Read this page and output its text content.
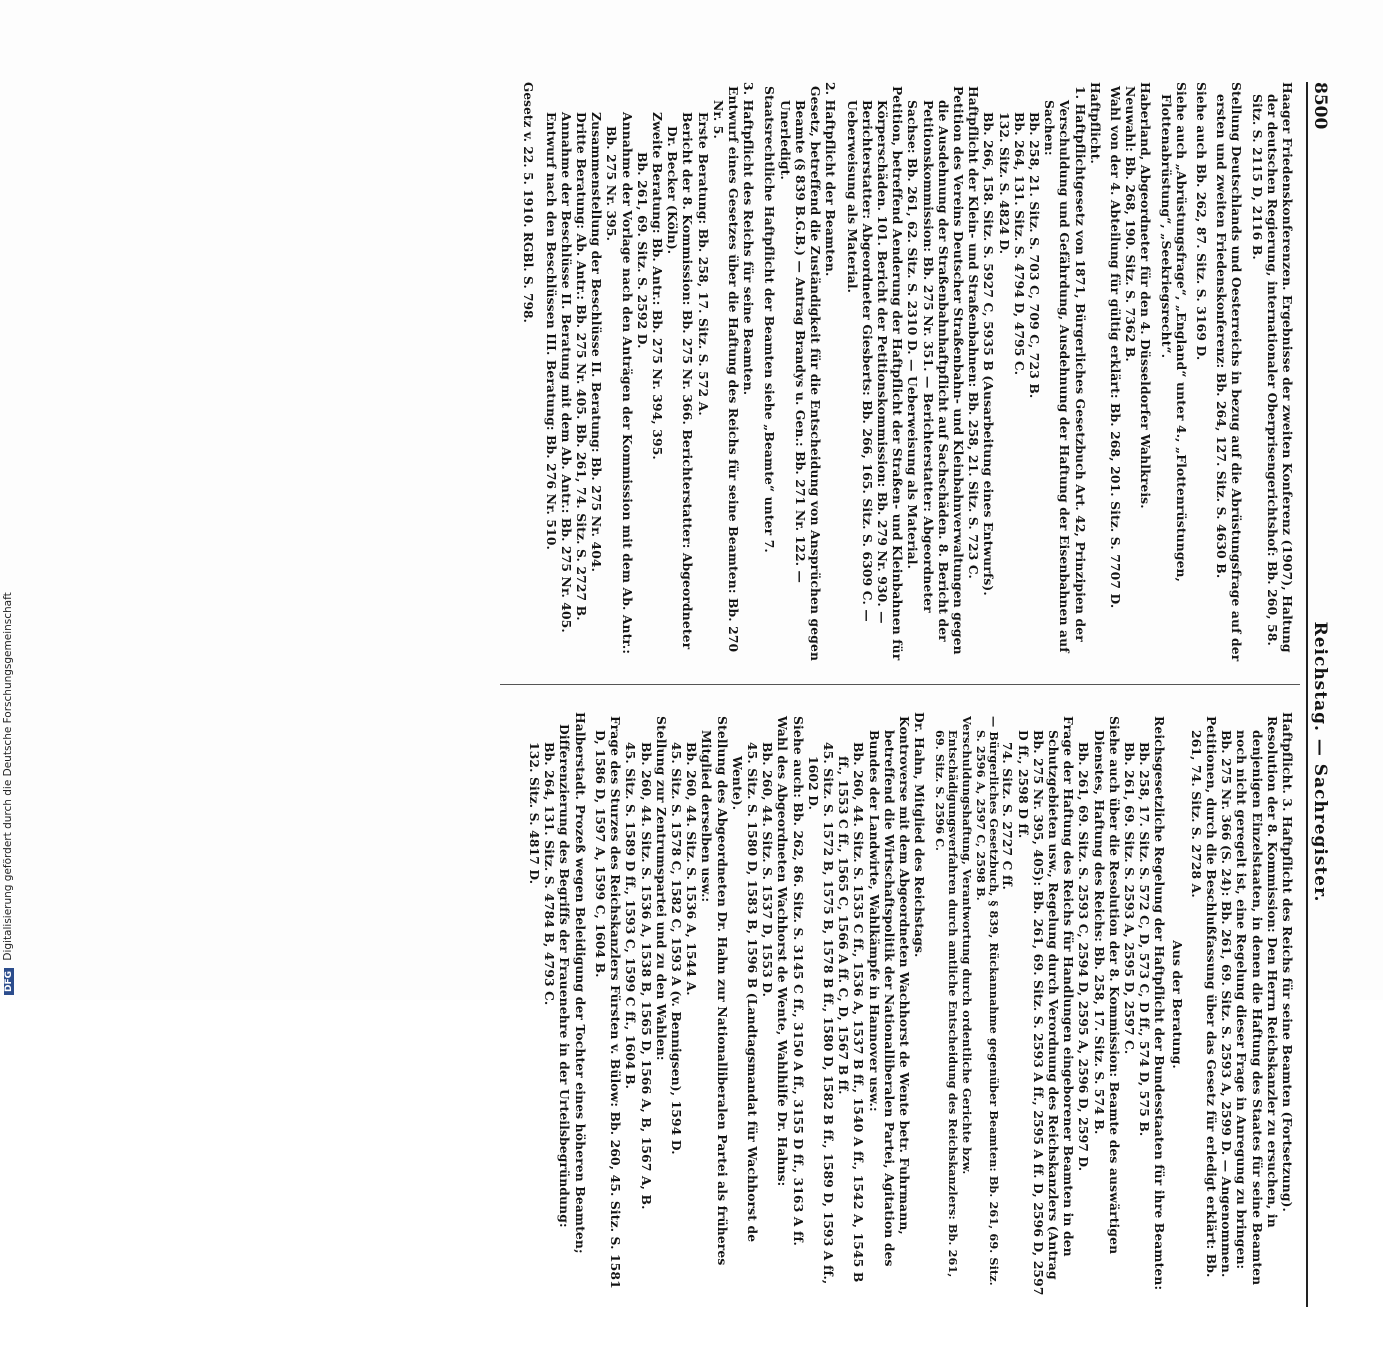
8500
Reichstag. — Sachregister.

Haager Friedenskonferenzen. Ergebnisse der zweiten Konferenz (1907), Haltung der deutschen Regierung, internationaler Oberprisengerichtshof: Bb. 260, 58. Sitz. S. 2115 D, 2116 B.

Stellung Deutschlands und Oesterreichs in bezug auf die Abrüstungsfrage auf der ersten und zweiten Friedenskonferenz: Bb. 264, 127. Sitz. S. 4630 B.

Siehe auch Bb. 262, 87. Sitz. S. 3169 D.

Siehe auch „Abrüstungsfrage“, „England“ unter 4., „Flottenrüstungen, Flottenabrüstung“, „Seekriegsrecht“.

Haberland, Abgeordneter für den 4. Düsseldorfer Wahlkreis.

Neuwahl: Bb. 268, 190. Sitz. S. 7362 B.

Wahl von der 4. Abteilung für gültig erklärt: Bb. 268, 201. Sitz. S. 7707 D.

Haftpflicht.

1. Haftpflichtgesetz von 1871, Bürgerliches Gesetzbuch Art. 42, Prinzipien der Verschuldung und Gefährdung, Ausdehnung der Haftung der Eisenbahnen auf Sachen:

Bb. 258, 21. Sitz. S. 703 C, 709 C, 723 B.

Bb. 264, 131. Sitz. S. 4794 D, 4795 C.

132. Sitz. S. 4824 D.

Bb. 266, 158. Sitz. S. 5927 C, 5935 B (Ausarbeitung eines Entwurfs).

Haftpflicht der Klein- und Straßenbahnen: Bb. 258, 21. Sitz. S. 723 C.

Petition des Vereins Deutscher Straßenbahn- und Kleinbahnverwaltungen gegen die Ausdehnung der Straßenbahnhaftpflicht auf Sachschäden. 8. Bericht der Petitionskommission: Bb. 275 Nr. 351. — Berichterstatter: Abgeordneter Sachse: Bb. 261, 62. Sitz. S. 2310 D. — Ueberweisung als Material.

Petition, betreffend Aenderung der Haftpflicht der Straßen- und Kleinbahnen für Körperschäden. 101. Bericht der Petitionskommission: Bb. 279 Nr. 930. — Berichterstatter: Abgeordneter Giesberts: Bb. 266, 165. Sitz. S. 6309 C. — Ueberweisung als Material.

2. Haftpflicht der Beamten.

Gesetz, betreffend die Zuständigkeit für die Entscheidung von Ansprüchen gegen Beamte (§ 839 B.G.B.) — Antrag Brandys u. Gen.: Bb. 271 Nr. 122. — Unerledigt.

Staatsrechtliche Haftpflicht der Beamten siehe „Beamte“ unter 7.

3. Haftpflicht des Reichs für seine Beamten.

Entwurf eines Gesetzes über die Haftung des Reichs für seine Beamten: Bb. 270 Nr. 5.

Erste Beratung: Bb. 258, 17. Sitz. S. 572 A.

Bericht der 8. Kommission: Bb. 275 Nr. 366. Berichterstatter: Abgeordneter Dr. Becker (Köln).

Zweite Beratung: Bb. Antr.: Bb. 275 Nr. 394, 395.

Bb. 261, 69. Sitz. S. 2592 D.

Annahme der Vorlage nach den Anträgen der Kommission mit dem Ab. Antr.: Bb. 275 Nr. 395.

Zusammenstellung der Beschlüsse II. Beratung: Bb. 275 Nr. 404.

Dritte Beratung: Ab. Antr.: Bb. 275 Nr. 405. Bb. 261, 74. Sitz. S. 2727 B.

Annahme der Beschlüsse II. Beratung mit dem Ab. Antr.: Bb. 275 Nr. 405.

Entwurf nach den Beschlüssen III. Beratung: Bb. 276 Nr. 510.

Gesetz v. 22. 5. 1910. RGBl. S. 798.

Haftpflicht. 3. Haftpflicht des Reichs für seine Beamten (Fortsetzung).

Resolution der 8. Kommission: Den Herrn Reichskanzler zu ersuchen, in denjenigen Einzelstaaten, in denen die Haftung des Staates für seine Beamten noch nicht geregelt ist, eine Regelung dieser Frage in Anregung zu bringen: Bb. 275 Nr. 366 (S. 24): Bb. 261, 69. Sitz. S. 2593 A, 2599 D. — Angenommen.

Petitionen, durch die Beschlußfassung über das Gesetz für erledigt erklärt: Bb. 261, 74. Sitz. S. 2728 A.

Aus der Beratung.

Reichsgesetzliche Regelung der Haftpflicht der Bundesstaaten für ihre Beamten:

Bb. 258, 17. Sitz. S. 572 C, D, 573 C, D ff., 574 D, 575 B.

Bb. 261, 69. Sitz. S. 2593 A, 2595 D, 2597 C.

Siehe auch über die Resolution der 8. Kommission: Beamte des auswärtigen Dienstes, Haftung des Reichs: Bb. 258, 17. Sitz. S. 574 B.

Bb. 261, 69. Sitz. S. 2593 C, 2594 D, 2595 A, 2596 D, 2597 D.

Frage der Haftung des Reichs für Handlungen eingeborener Beamten in den Schutzgebieten usw., Regelung durch Verordnung des Reichskanzlers (Antrag Bb. 275 Nr. 395, 405): Bb. 261, 69. Sitz. S. 2593 A ff., 2595 A ff. D, 2596 D, 2597 D ff., 2598 D ff.

74. Sitz. S. 2727 C ff.

— Bürgerliches Gesetzbuch, § 839, Rückannahme gegenüber Beamten: Bb. 261, 69. Sitz. S. 2596 A, 2597 C, 2598 B.

Verschuldungshaftung, Verantwortung durch ordentliche Gerichte bzw. Entschädigungsverfahren durch amtliche Entscheidung des Reichskanzlers: Bb. 261, 69. Sitz. S. 2596 C.

Dr. Hahn, Mitglied des Reichstags.

Kontroverse mit dem Abgeordneten Wachhorst de Wente betr. Fuhrmann, betreffend die Wirtschaftspolitik der Nationalliberalen Partei, Agitation des Bundes der Landwirte, Wahlkämpfe in Hannover usw.:

Bb. 260, 44. Sitz. S. 1535 C ff., 1536 A, 1537 B ff., 1540 A ff., 1542 A, 1545 B ff., 1553 C ff., 1565 C, 1566 A ff. C, D, 1567 B ff.

45. Sitz. S. 1572 B, 1575 B, 1578 B ff., 1580 D, 1582 B ff., 1589 D, 1593 A ff., 1602 D.

Siehe auch: Bb. 262, 86. Sitz. S. 3145 C ff., 3150 A ff., 3155 D ff., 3163 A ff.

Wahl des Abgeordneten Wachhorst de Wente, Wahlhilfe Dr. Hahns:

Bb. 260, 44. Sitz. S. 1537 D, 1553 D.

45. Sitz. S. 1580 D, 1583 B, 1596 B (Landtagsmandat für Wachhorst de Wente).

Stellung des Abgeordneten Dr. Hahn zur Nationalliberalen Partei als früheres Mitglied derselben usw.:

Bb. 260, 44. Sitz. S. 1536 A, 1544 A.

45. Sitz. S. 1578 C, 1582 C, 1593 A (v. Bennigsen), 1594 D.

Stellung zur Zentrumspartei und zu den Wahlen:

Bb. 260, 44. Sitz. S. 1536 A, 1538 B, 1565 D, 1566 A, B, 1567 A, B.

45. Sitz. S. 1589 D ff., 1593 C, 1599 C ff., 1604 B.

Frage des Sturzes des Reichskanzlers Fürsten v. Bülow: Bb. 260, 45. Sitz. S. 1581 D, 1586 D, 1597 A, 1599 C, 1604 B.

Halberstadt. Prozeß wegen Beleidigung der Tochter eines höheren Beamten; Differenzierung des Begriffs der Frauenehre in der Urteilsbegründung:

Bb. 264, 131. Sitz. S. 4784 B, 4793 C.

132. Sitz. S. 4817 D.

DFG Digitalisierung gefördert durch die Deutsche Forschungsgemeinschaft
